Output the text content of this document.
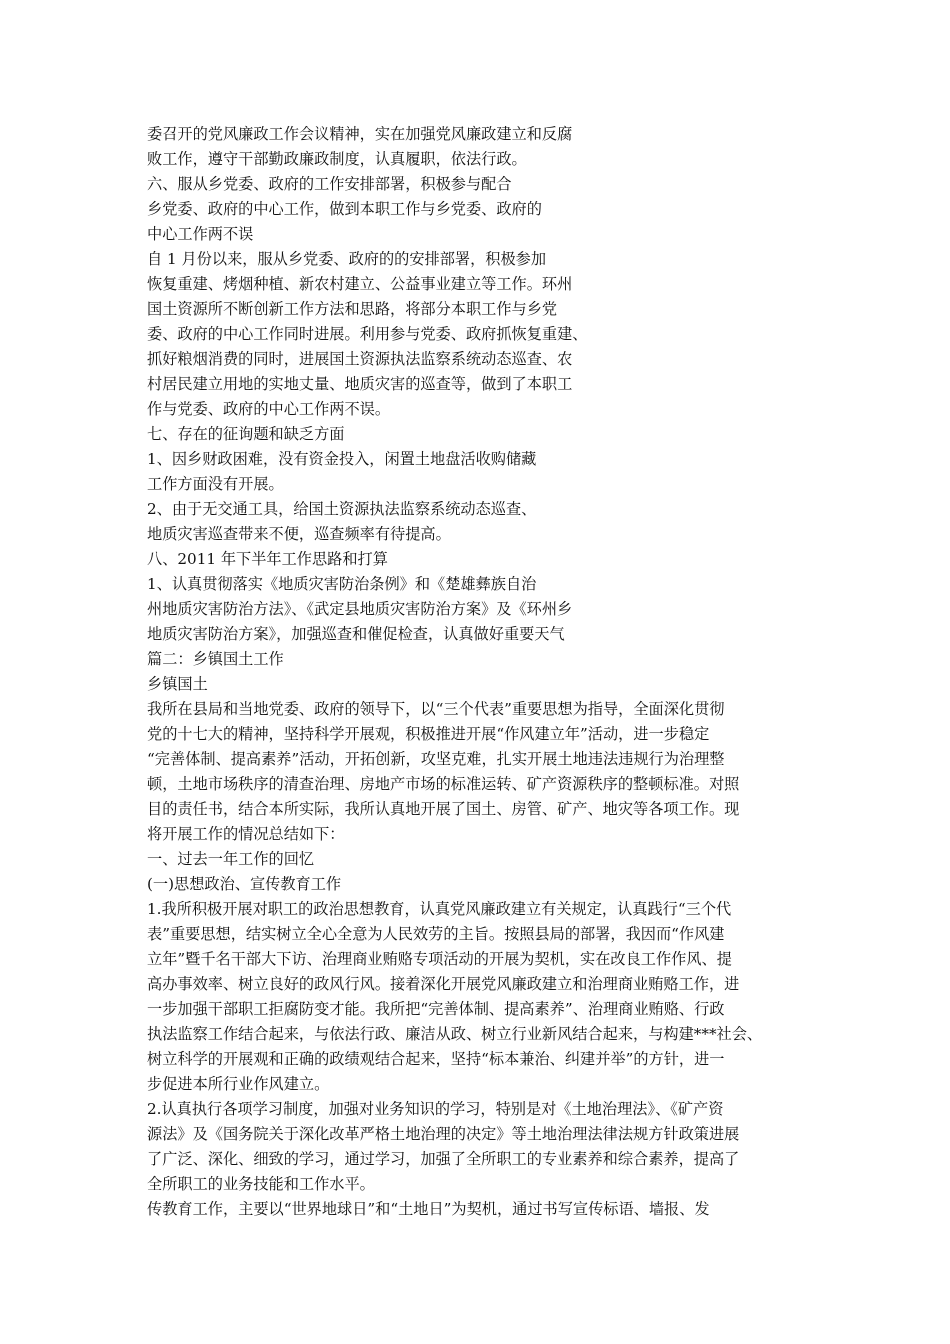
委召开的党风廉政工作会议精神，实在加强党风廉政建立和反腐

败工作，遵守干部勤政廉政制度，认真履职，依法行政。

六、服从乡党委、政府的工作安排部署，积极参与配合

乡党委、政府的中心工作，做到本职工作与乡党委、政府的

中心工作两不误

自 1 月份以来，服从乡党委、政府的的安排部署，积极参加

恢复重建、烤烟种植、新农村建立、公益事业建立等工作。环州

国土资源所不断创新工作方法和思路，将部分本职工作与乡党

委、政府的中心工作同时进展。利用参与党委、政府抓恢复重建、

抓好粮烟消费的同时，进展国土资源执法监察系统动态巡查、农

村居民建立用地的实地丈量、地质灾害的巡查等，做到了本职工

作与党委、政府的中心工作两不误。

七、存在的征询题和缺乏方面

1、因乡财政困难，没有资金投入，闲置土地盘活收购储藏

工作方面没有开展。

2、由于无交通工具，给国土资源执法监察系统动态巡查、

地质灾害巡查带来不便，巡查频率有待提高。

八、2011 年下半年工作思路和打算

1、认真贯彻落实《地质灾害防治条例》和《楚雄彝族自治

州地质灾害防治方法》、《武定县地质灾害防治方案》及《环州乡

地质灾害防治方案》，加强巡查和催促检查，认真做好重要天气

篇二：乡镇国土工作

乡镇国土

我所在县局和当地党委、政府的领导下，以“三个代表”重要思想为指导，全面深化贯彻

党的十七大的精神，坚持科学开展观，积极推进开展“作风建立年”活动，进一步稳定

“完善体制、提高素养”活动，开拓创新，攻坚克难，扎实开展土地违法违规行为治理整

顿，土地市场秩序的清查治理、房地产市场的标准运转、矿产资源秩序的整顿标准。对照

目的责任书，结合本所实际，我所认真地开展了国土、房管、矿产、地灾等各项工作。现

将开展工作的情况总结如下：

一、过去一年工作的回忆

(一)思想政治、宣传教育工作

1.我所积极开展对职工的政治思想教育，认真党风廉政建立有关规定，认真践行“三个代

表”重要思想，结实树立全心全意为人民效劳的主旨。按照县局的部署，我因而“作风建

立年”暨千名干部大下访、治理商业贿赂专项活动的开展为契机，实在改良工作作风、提

高办事效率、树立良好的政风行风。接着深化开展党风廉政建立和治理商业贿赂工作，进

一步加强干部职工拒腐防变才能。我所把“完善体制、提高素养”、治理商业贿赂、行政

执法监察工作结合起来，与依法行政、廉洁从政、树立行业新风结合起来，与构建***社会、

树立科学的开展观和正确的政绩观结合起来，坚持“标本兼治、纠建并举”的方针，进一

步促进本所行业作风建立。

2.认真执行各项学习制度，加强对业务知识的学习，特别是对《土地治理法》、《矿产资

源法》及《国务院关于深化改革严格土地治理的决定》等土地治理法律法规方针政策进展

了广泛、深化、细致的学习，通过学习，加强了全所职工的专业素养和综合素养，提高了

全所职工的业务技能和工作水平。

传教育工作，主要以“世界地球日”和“土地日”为契机，通过书写宣传标语、墙报、发
